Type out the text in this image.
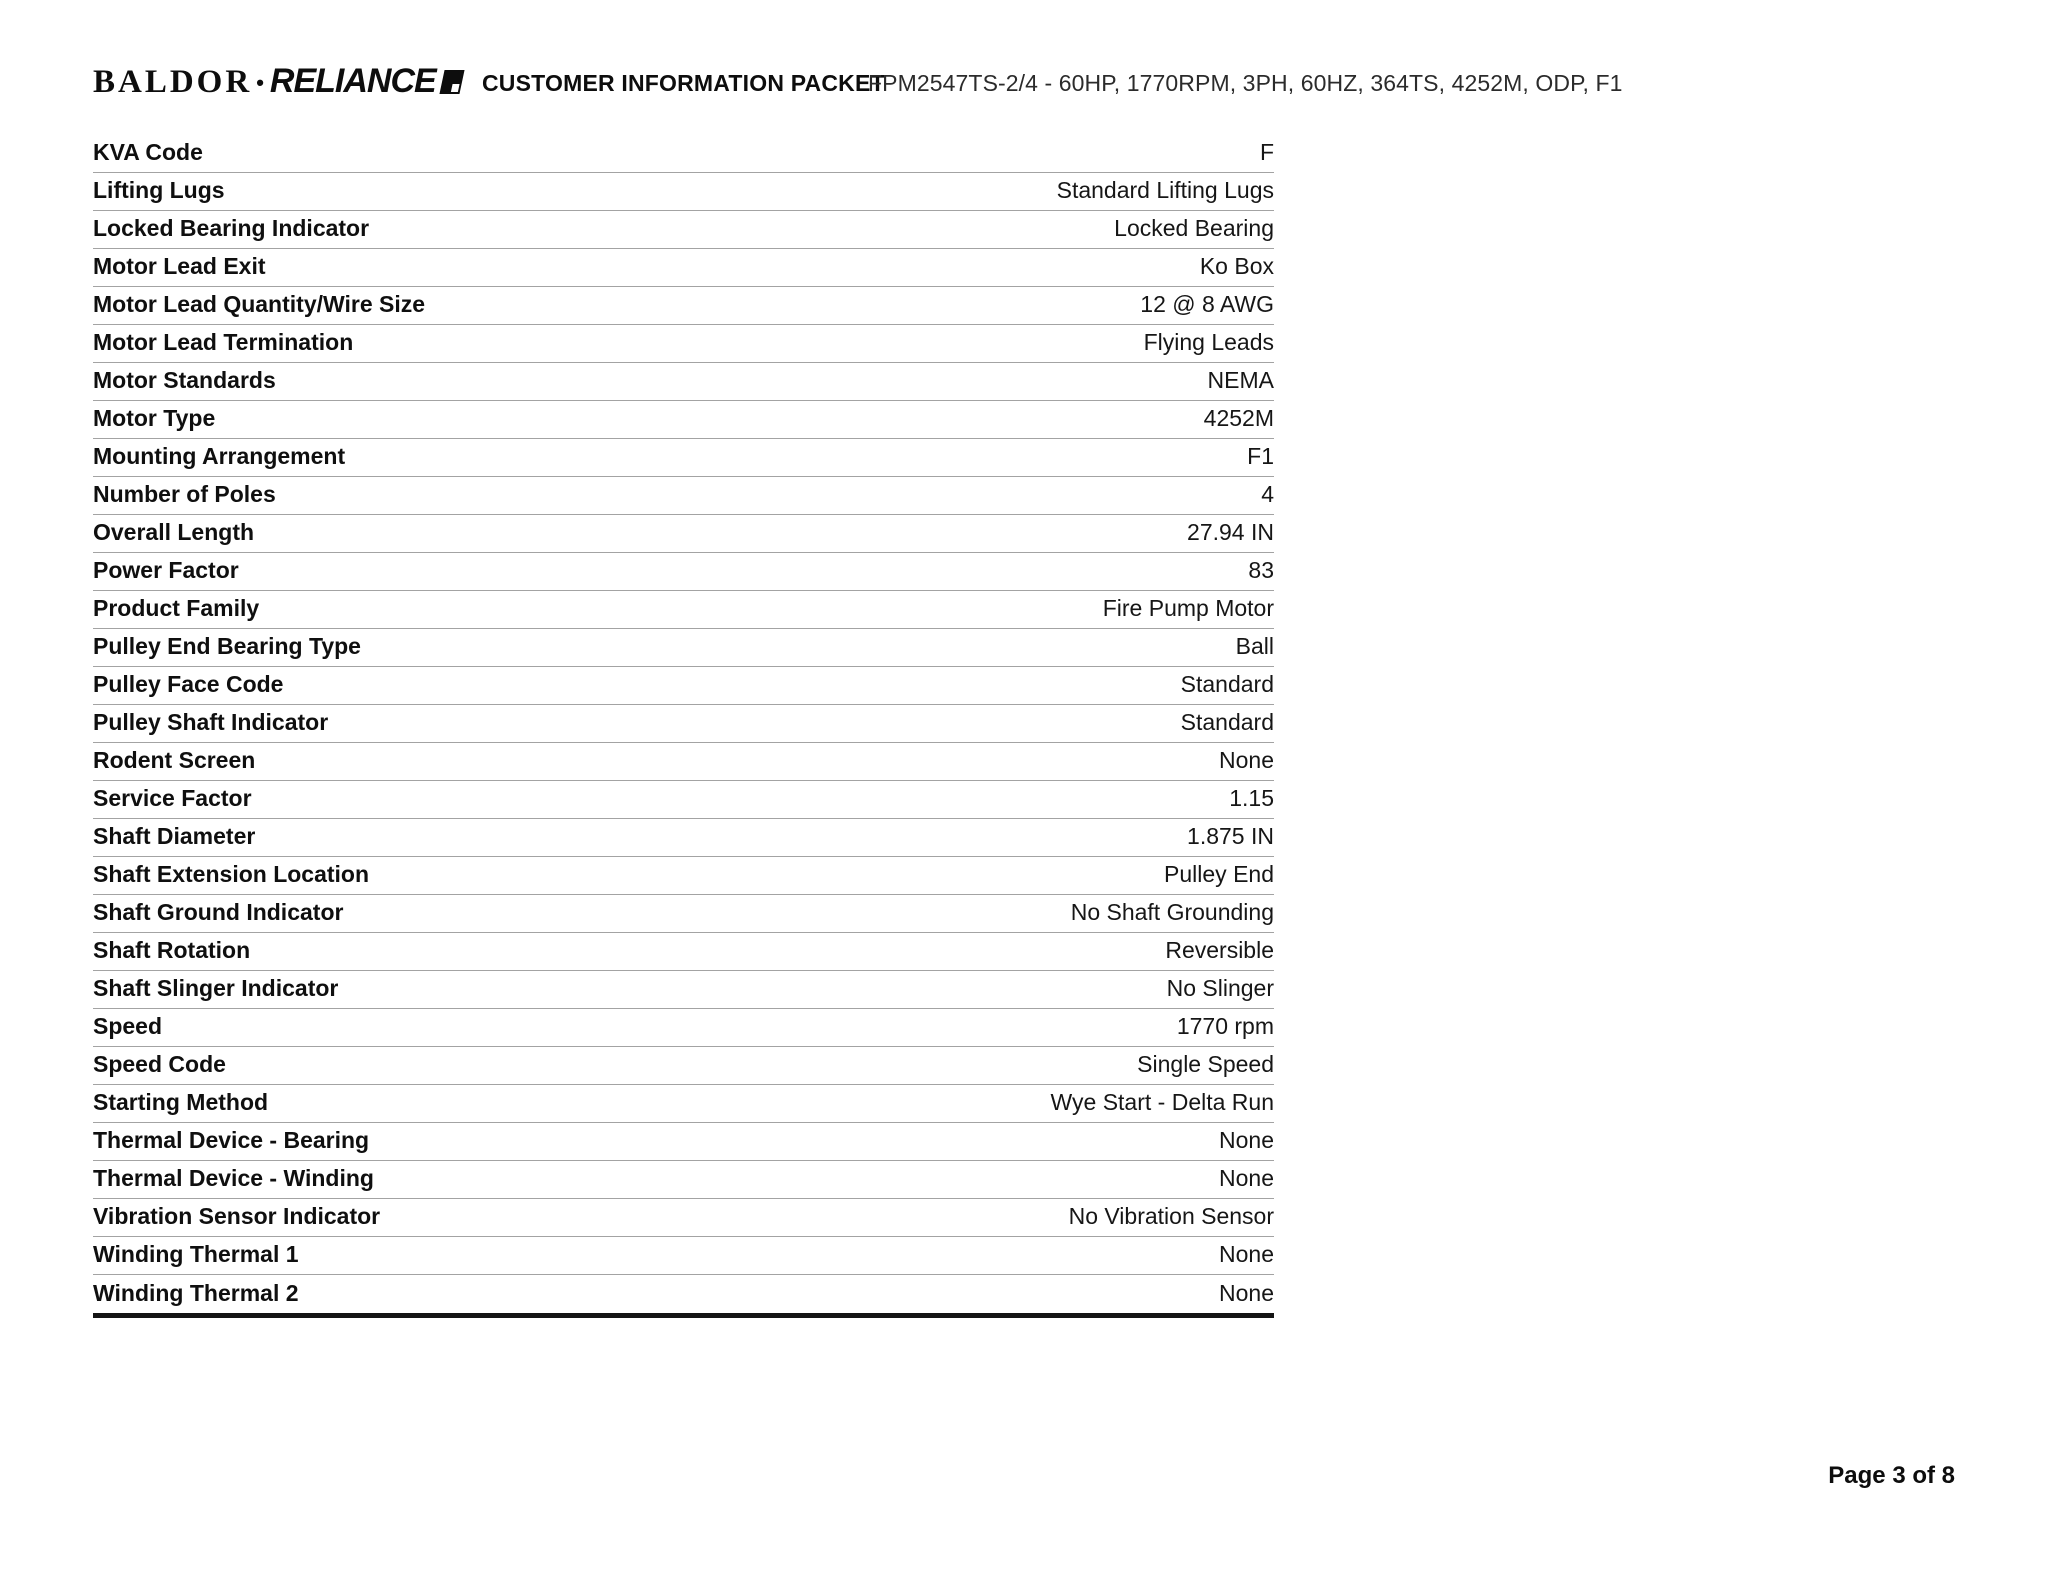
BALDOR • RELIANCE CUSTOMER INFORMATION PACKET
FPM2547TS-2/4 - 60HP, 1770RPM, 3PH, 60HZ, 364TS, 4252M, ODP, F1
KVA Code	F
Lifting Lugs	Standard Lifting Lugs
Locked Bearing Indicator	Locked Bearing
Motor Lead Exit	Ko Box
Motor Lead Quantity/Wire Size	12 @ 8 AWG
Motor Lead Termination	Flying Leads
Motor Standards	NEMA
Motor Type	4252M
Mounting Arrangement	F1
Number of Poles	4
Overall Length	27.94 IN
Power Factor	83
Product Family	Fire Pump Motor
Pulley End Bearing Type	Ball
Pulley Face Code	Standard
Pulley Shaft Indicator	Standard
Rodent Screen	None
Service Factor	1.15
Shaft Diameter	1.875 IN
Shaft Extension Location	Pulley End
Shaft Ground Indicator	No Shaft Grounding
Shaft Rotation	Reversible
Shaft Slinger Indicator	No Slinger
Speed	1770 rpm
Speed Code	Single Speed
Starting Method	Wye Start - Delta Run
Thermal Device - Bearing	None
Thermal Device - Winding	None
Vibration Sensor Indicator	No Vibration Sensor
Winding Thermal 1	None
Winding Thermal 2	None
Page 3 of 8
